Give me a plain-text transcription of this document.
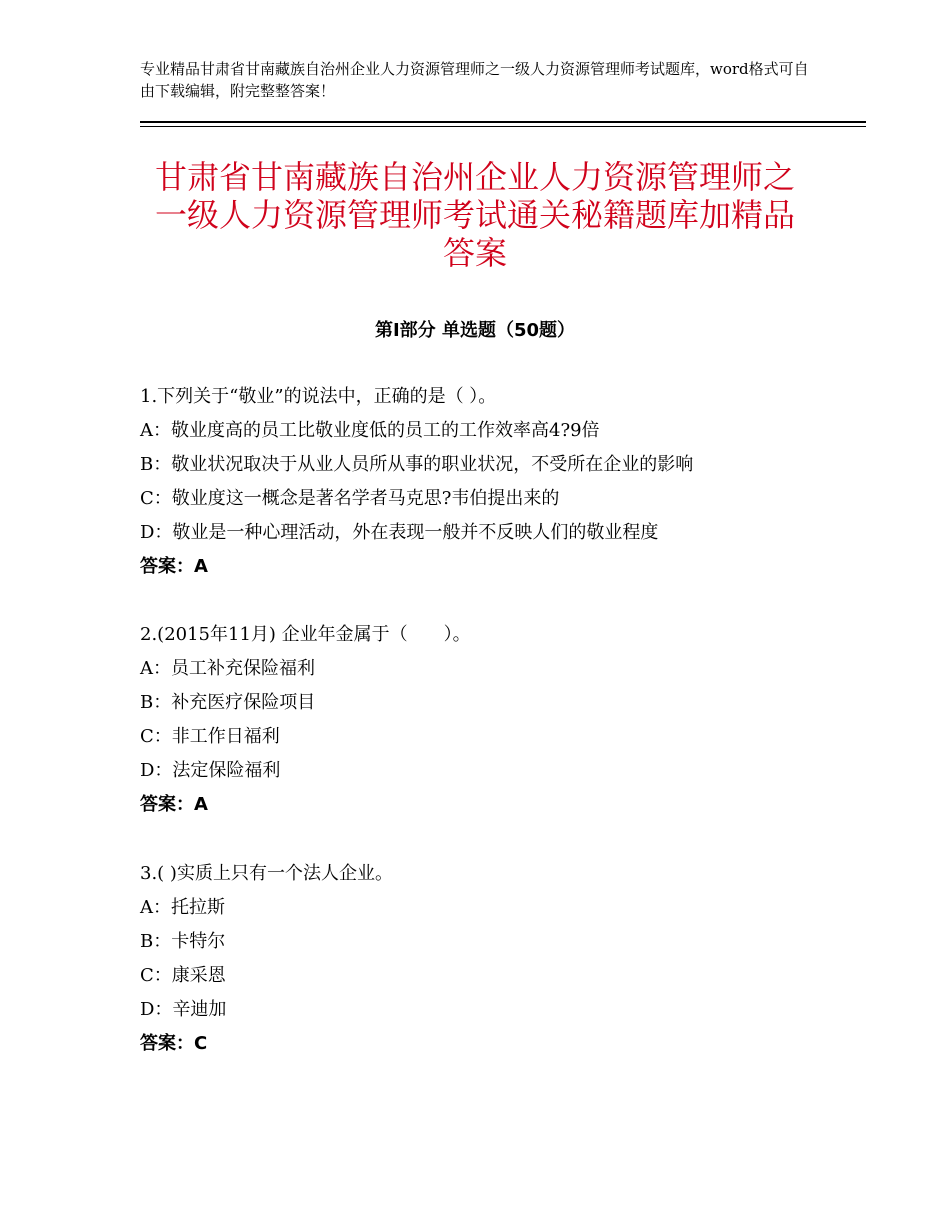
专业精品甘肃省甘南藏族自治州企业人力资源管理师之一级人力资源管理师考试题库，word格式可自由下载编辑，附完整整答案！
甘肃省甘南藏族自治州企业人力资源管理师之一级人力资源管理师考试通关秘籍题库加精品答案
第Ⅰ部分 单选题（50题）
1.下列关于“敬业”的说法中，正确的是（ ）。
A：敬业度高的员工比敬业度低的员工的工作效率高4?9倍
B：敬业状况取决于从业人员所从事的职业状况，不受所在企业的影响
C：敬业度这一概念是著名学者马克思?韦伯提出来的
D：敬业是一种心理活动，外在表现一般并不反映人们的敬业程度
答案：A
2.(2015年11月) 企业年金属于（　　）。
A：员工补充保险福利
B：补充医疗保险项目
C：非工作日福利
D：法定保险福利
答案：A
3.( )实质上只有一个法人企业。
A：托拉斯
B：卡特尔
C：康采恩
D：辛迪加
答案：C
